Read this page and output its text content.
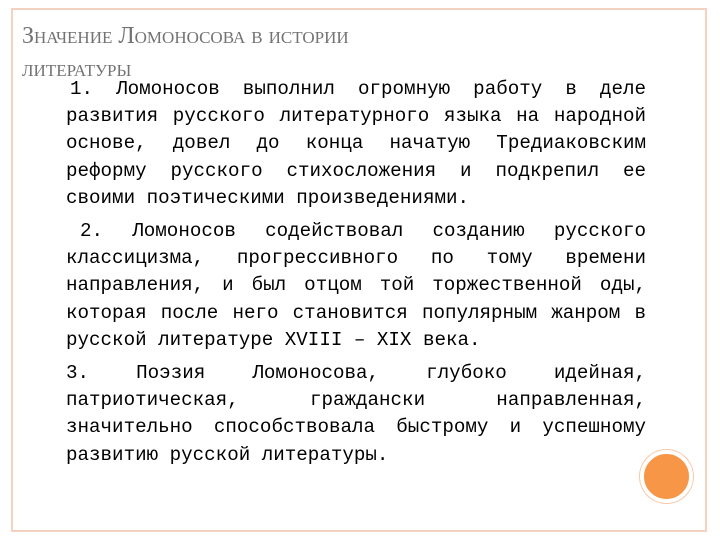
Значение Ломоносова в истории
литературы

1. Ломоносов выполнил огромную работу в деле развития русского литературного языка на народной основе, довел до конца начатую Тредиаковским реформу русского стихосложения и подкрепил ее своими поэтическими произведениями.

2. Ломоносов содействовал созданию русского классицизма, прогрессивного по тому времени направления, и был отцом той торжественной оды, которая после него становится популярным жанром в русской литературе XVIII – XIX века.

3. Поэзия Ломоносова, глубоко идейная, патриотическая, граждански направленная, значительно способствовала быстрому и успешному развитию русской литературы.
